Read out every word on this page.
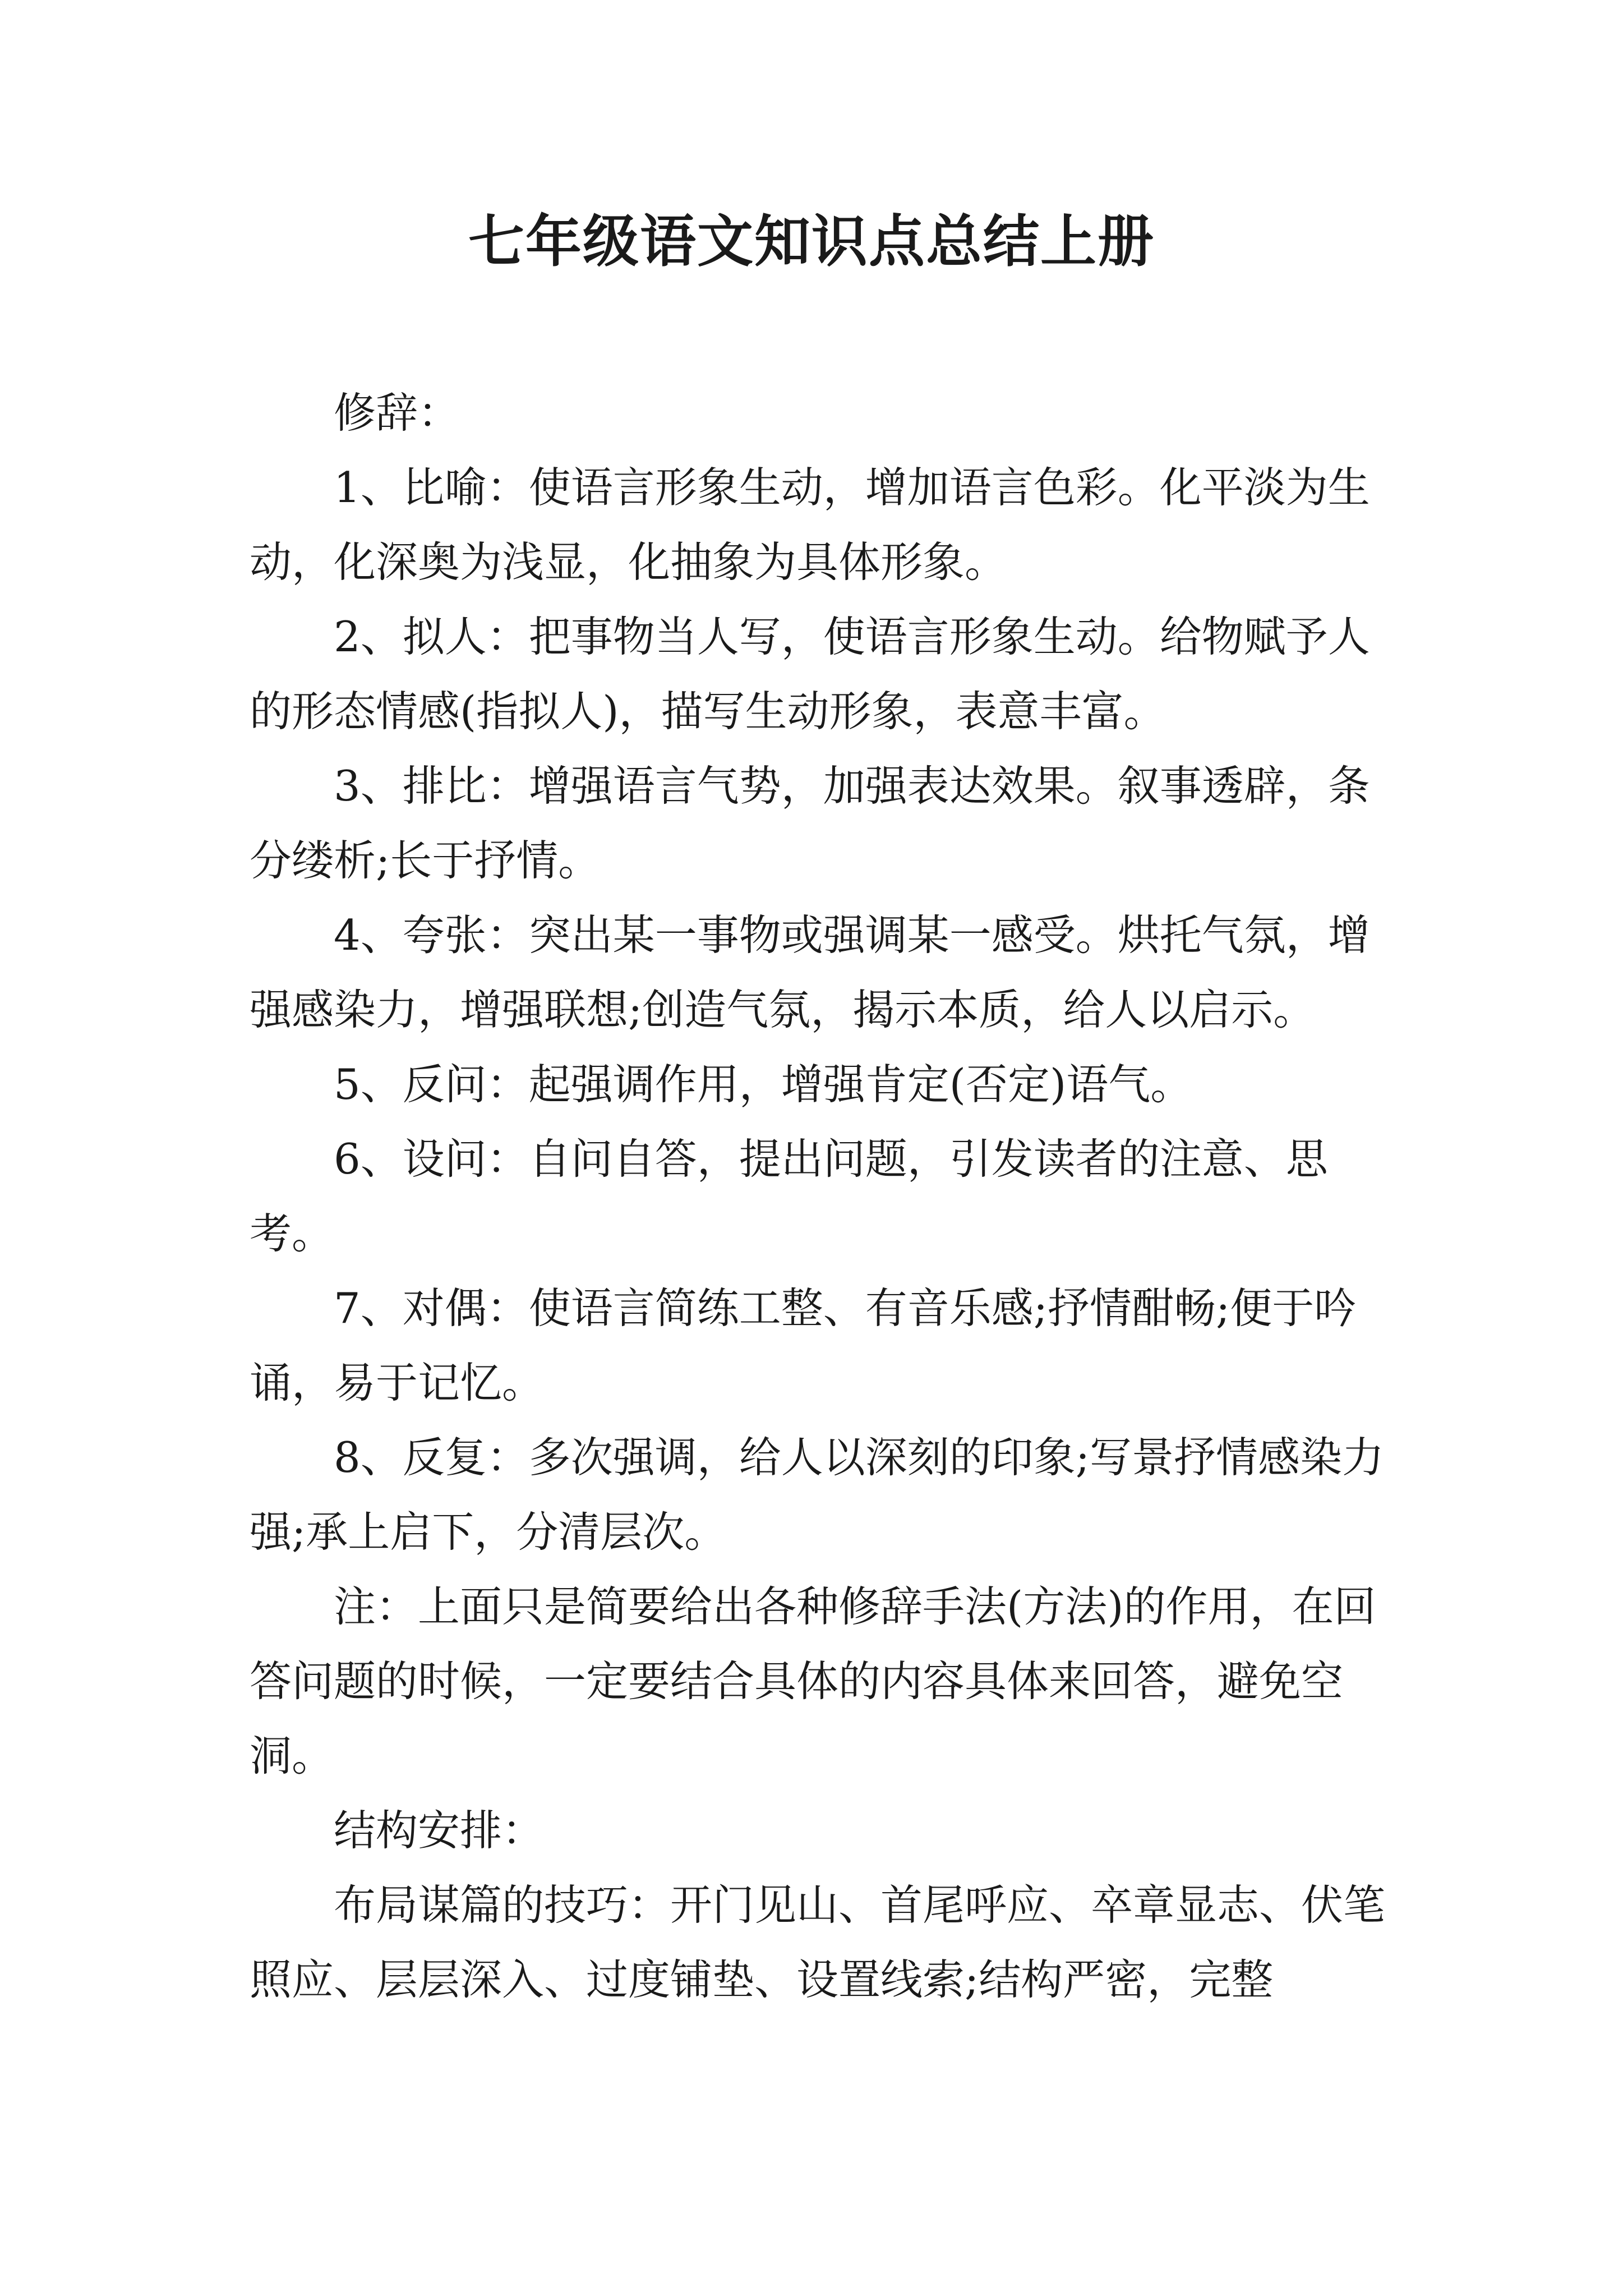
七年级语文知识点总结上册

修辞：

1、比喻：使语言形象生动，增加语言色彩。化平淡为生动，化深奥为浅显，化抽象为具体形象。

2、拟人：把事物当人写，使语言形象生动。给物赋予人的形态情感(指拟人)，描写生动形象，表意丰富。

3、排比：增强语言气势，加强表达效果。叙事透辟，条分缕析;长于抒情。

4、夸张：突出某一事物或强调某一感受。烘托气氛，增强感染力，增强联想;创造气氛，揭示本质，给人以启示。

5、反问：起强调作用，增强肯定(否定)语气。

6、设问：自问自答，提出问题，引发读者的注意、思考。

7、对偶：使语言简练工整、有音乐感;抒情酣畅;便于吟诵，易于记忆。

8、反复：多次强调，给人以深刻的印象;写景抒情感染力强;承上启下，分清层次。

注：上面只是简要给出各种修辞手法(方法)的作用，在回答问题的时候，一定要结合具体的内容具体来回答，避免空洞。

结构安排：

布局谋篇的技巧：开门见山、首尾呼应、卒章显志、伏笔照应、层层深入、过度铺垫、设置线索;结构严密，完整
